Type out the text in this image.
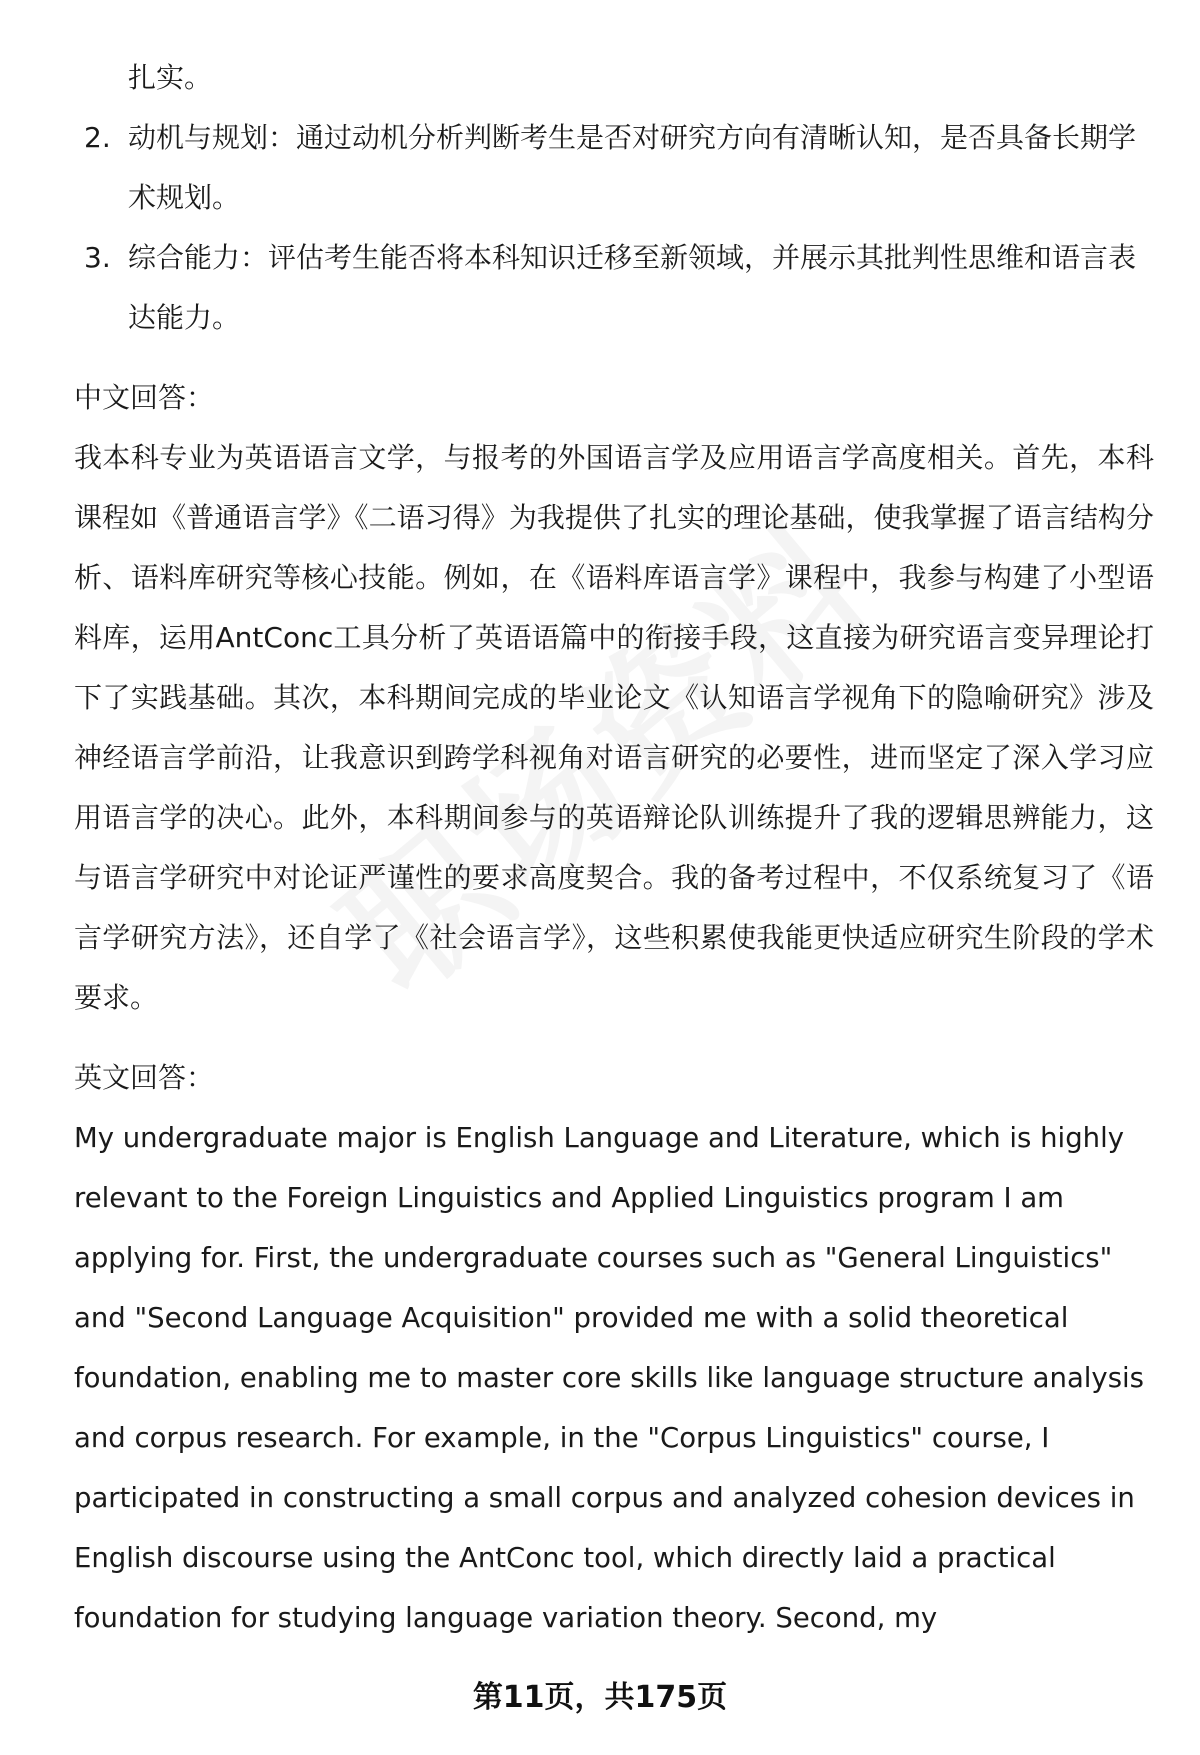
扎实。
2. 动机与规划：通过动机分析判断考生是否对研究方向有清晰认知，是否具备长期学术规划。
3. 综合能力：评估考生能否将本科知识迁移至新领域，并展示其批判性思维和语言表达能力。
中文回答：

我本科专业为英语语言文学，与报考的外国语言学及应用语言学高度相关。首先，本科课程如《普通语言学》《二语习得》为我提供了扎实的理论基础，使我掌握了语言结构分析、语料库研究等核心技能。例如，在《语料库语言学》课程中，我参与构建了小型语料库，运用AntConc工具分析了英语语篇中的衔接手段，这直接为研究语言变异理论打下了实践基础。其次，本科期间完成的毕业论文《认知语言学视角下的隐喻研究》涉及神经语言学前沿，让我意识到跨学科视角对语言研究的必要性，进而坚定了深入学习应用语言学的决心。此外，本科期间参与的英语辩论队训练提升了我的逻辑思辨能力，这与语言学研究中对论证严谨性的要求高度契合。我的备考过程中，不仅系统复习了《语言学研究方法》，还自学了《社会语言学》，这些积累使我能更快适应研究生阶段的学术要求。

英文回答：

My undergraduate major is English Language and Literature, which is highly relevant to the Foreign Linguistics and Applied Linguistics program I am applying for. First, the undergraduate courses such as "General Linguistics" and "Second Language Acquisition" provided me with a solid theoretical foundation, enabling me to master core skills like language structure analysis and corpus research. For example, in the "Corpus Linguistics" course, I participated in constructing a small corpus and analyzed cohesion devices in English discourse using the AntConc tool, which directly laid a practical foundation for studying language variation theory. Second, my

第11页，共175页
